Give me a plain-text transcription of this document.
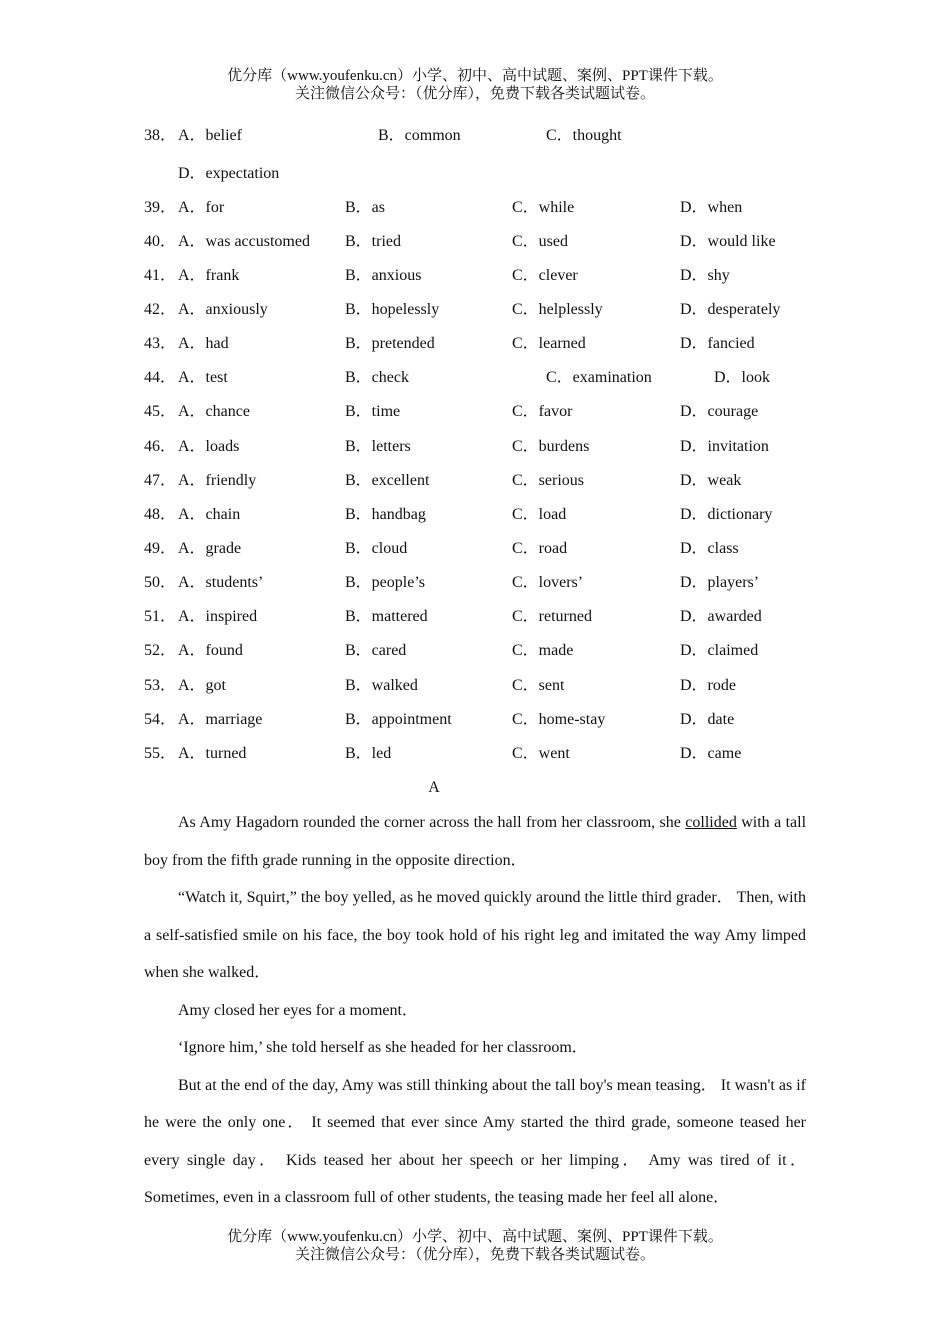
优分库（www.youfenku.cn）小学、初中、高中试题、案例、PPT课件下载。
关注微信公众号：（优分库），免费下载各类试题试卷。
38． A．belief	B．common	C．thought
D．expectation
39． A．for	B．as	C．while	D．when
40． A．was accustomed B．tried	C．used	D．would like
41． A．frank	B．anxious	C．clever	D．shy
42． A．anxiously	B．hopelessly	C．helplessly	D．desperately
43． A．had	B．pretended	C．learned	D．fancied
44． A．test	B．check	C．examination	D．look
45． A．chance	B．time	C．favor	D．courage
46． A．loads	B．letters	C．burdens	D．invitation
47． A．friendly	B．excellent	C．serious	D．weak
48． A．chain	B．handbag	C．load	D．dictionary
49． A．grade	B．cloud	C．road	D．class
50． A．students’	B．people’s	C．lovers’	D．players’
51． A．inspired	B．mattered	C．returned	D．awarded
52． A．found	B．cared	C．made	D．claimed
53． A．got	B．walked	C．sent	D．rode
54． A．marriage	B．appointment	C．home-stay	D．date
55． A．turned	B．led	C．went	D．came
A

As Amy Hagadorn rounded the corner across the hall from her classroom, she collided with a tall boy from the fifth grade running in the opposite direction．

“Watch it, Squirt,” the boy yelled, as he moved quickly around the little third grader． Then, with a self-satisfied smile on his face, the boy took hold of his right leg and imitated the way Amy limped when she walked．

Amy closed her eyes for a moment．

‘Ignore him,’ she told herself as she headed for her classroom．

But at the end of the day, Amy was still thinking about the tall boy's mean teasing． It wasn't as if he were the only one． It seemed that ever since Amy started the third grade, someone teased her every single day． Kids teased her about her speech or her limping． Amy was tired of it． Sometimes, even in a classroom full of other students, the teasing made her feel all alone．

优分库（www.youfenku.cn）小学、初中、高中试题、案例、PPT课件下载。
关注微信公众号：（优分库），免费下载各类试题试卷。
